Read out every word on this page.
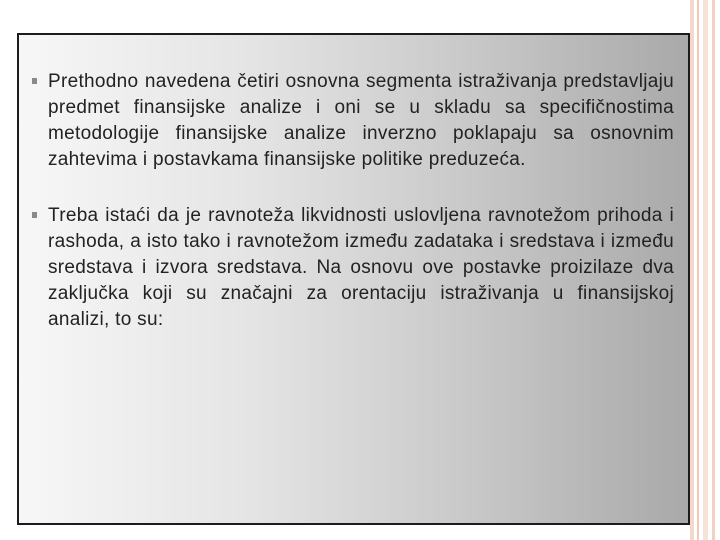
Prethodno navedena četiri osnovna segmenta istraživanja predstavljaju predmet finansijske analize i oni se u skladu sa specifičnostima metodologije finansijske analize inverzno poklapaju sa osnovnim zahtevima i postavkama finansijske politike preduzeća.
Treba istaći da je ravnoteža likvidnosti uslovljena ravnotežom prihoda i rashoda, a isto tako i ravnotežom između zadataka i sredstava i između sredstava i izvora sredstava. Na osnovu ove postavke proizilaze dva zaključka koji su značajni za orentaciju istraživanja u finansijskoj analizi, to su:
